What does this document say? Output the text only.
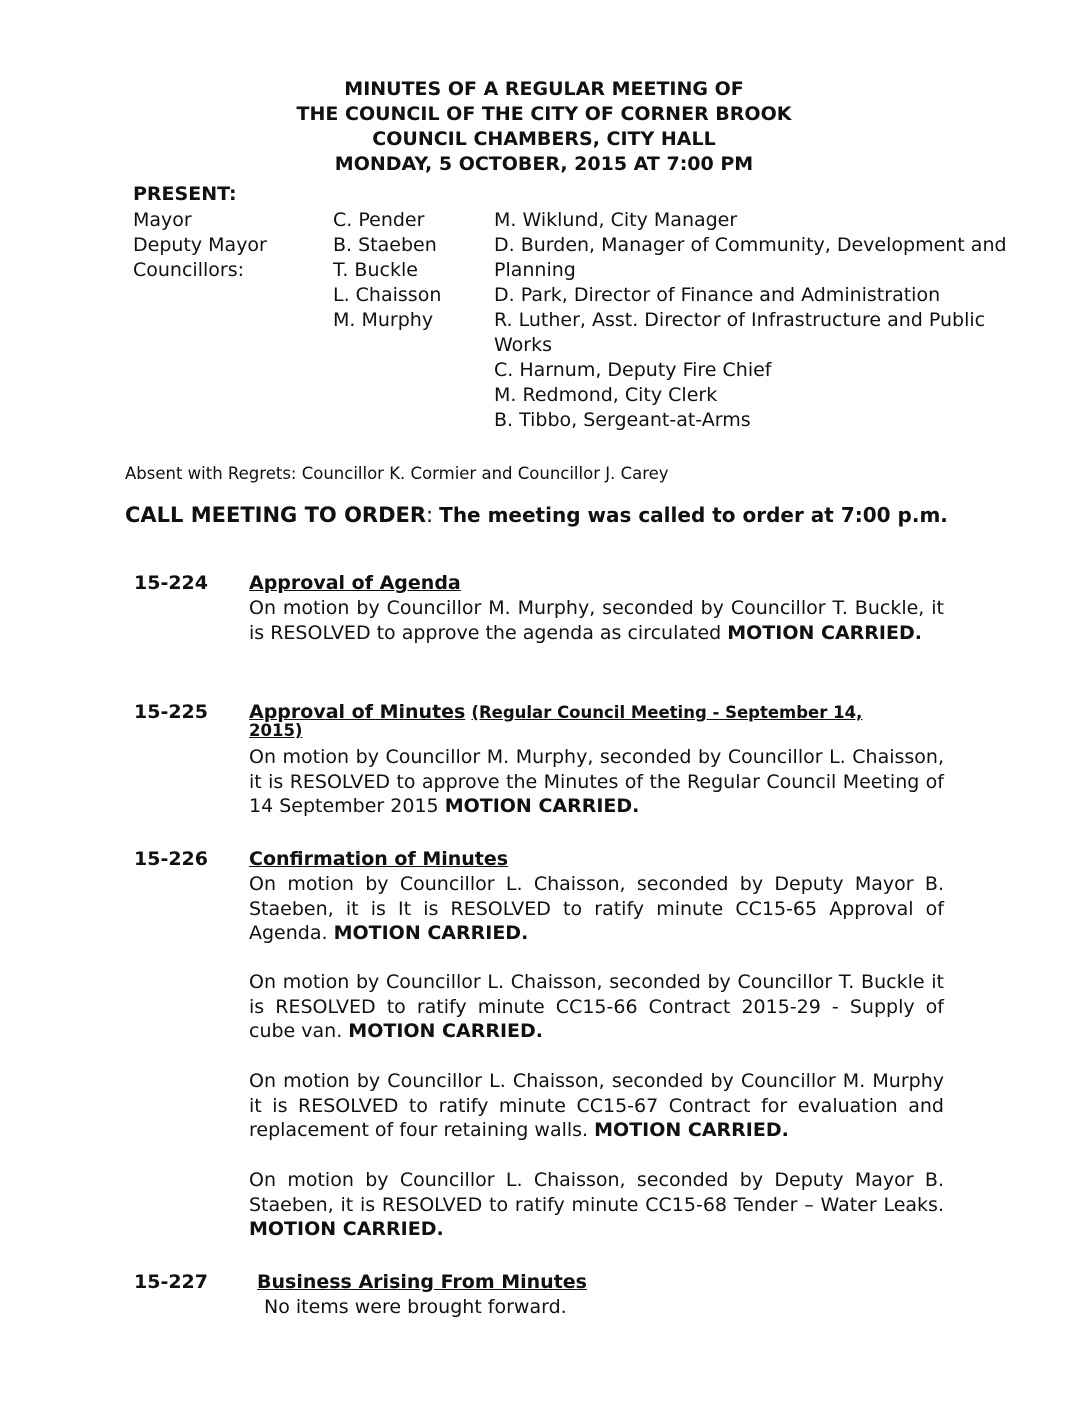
MINUTES OF A REGULAR MEETING OF
THE COUNCIL OF THE CITY OF CORNER BROOK
COUNCIL CHAMBERS, CITY HALL
MONDAY, 5 OCTOBER, 2015 AT 7:00 PM
PRESENT:
Mayor
Deputy Mayor
Councillors:
C. Pender
B. Staeben
T. Buckle
L. Chaisson
M. Murphy
M. Wiklund, City Manager
D. Burden, Manager of Community, Development and
Planning
D. Park, Director of Finance and Administration
R. Luther, Asst. Director of Infrastructure and Public
Works
C. Harnum, Deputy Fire Chief
M. Redmond, City Clerk
B. Tibbo, Sergeant-at-Arms
Absent with Regrets: Councillor K. Cormier and Councillor J. Carey
CALL MEETING TO ORDER: The meeting was called to order at 7:00 p.m.
15-224 Approval of Agenda
On motion by Councillor M. Murphy, seconded by Councillor T. Buckle, it is RESOLVED to approve the agenda as circulated MOTION CARRIED.
15-225 Approval of Minutes (Regular Council Meeting - September 14,
2015)
On motion by Councillor M. Murphy, seconded by Councillor L. Chaisson, it is RESOLVED to approve the Minutes of the Regular Council Meeting of 14 September 2015 MOTION CARRIED.
15-226 Confirmation of Minutes
On motion by Councillor L. Chaisson, seconded by Deputy Mayor B. Staeben, it is It is RESOLVED to ratify minute CC15-65 Approval of Agenda. MOTION CARRIED.
On motion by Councillor L. Chaisson, seconded by Councillor T. Buckle it is RESOLVED to ratify minute CC15-66 Contract 2015-29 - Supply of cube van. MOTION CARRIED.
On motion by Councillor L. Chaisson, seconded by Councillor M. Murphy it is RESOLVED to ratify minute CC15-67 Contract for evaluation and replacement of four retaining walls. MOTION CARRIED.
On motion by Councillor L. Chaisson, seconded by Deputy Mayor B. Staeben, it is RESOLVED to ratify minute CC15-68 Tender – Water Leaks. MOTION CARRIED.
15-227	Business Arising From Minutes
No items were brought forward.
